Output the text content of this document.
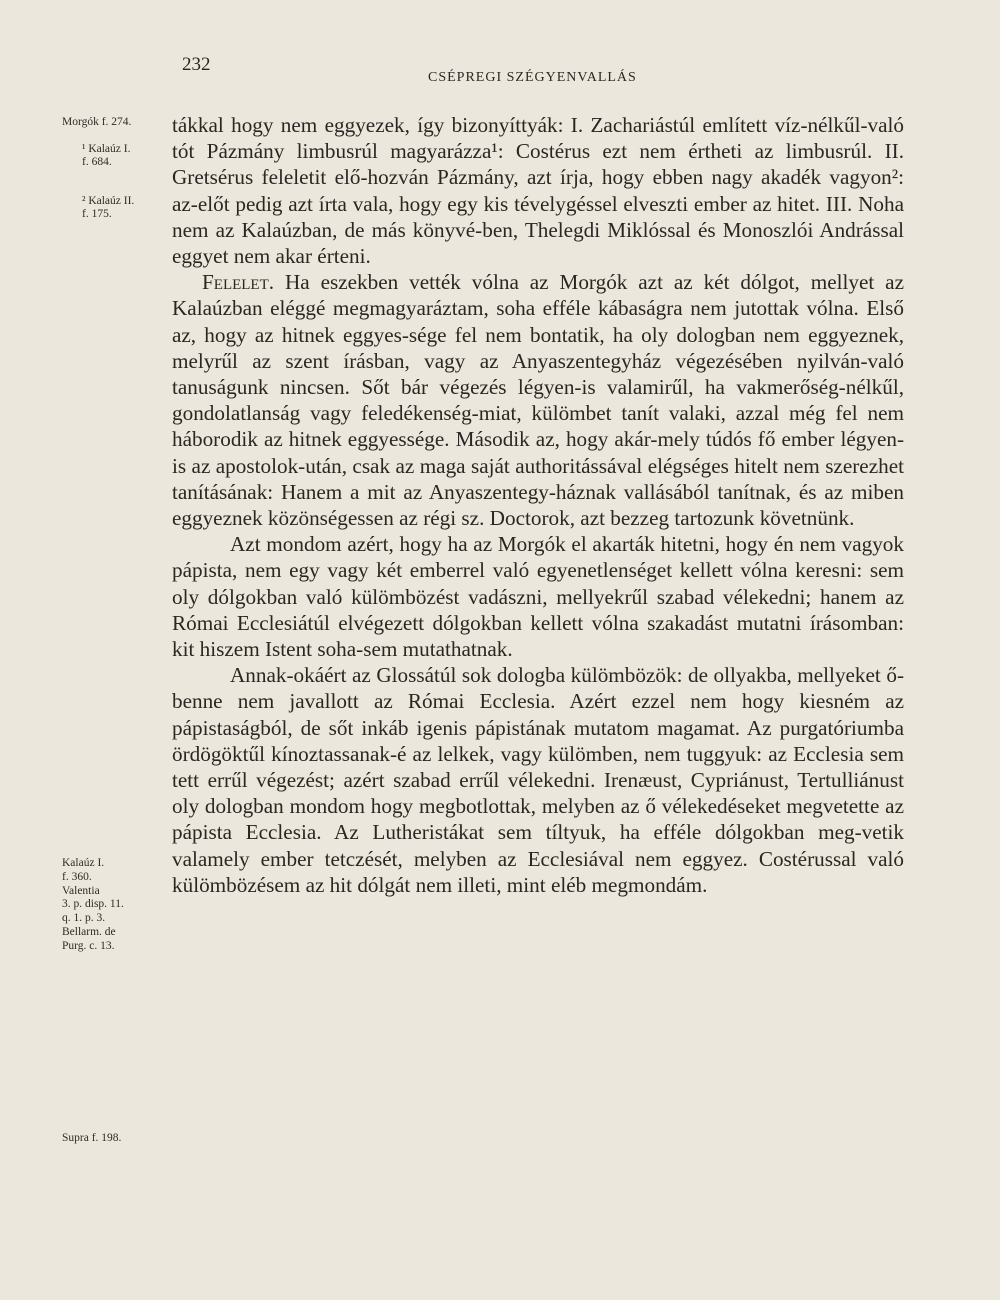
232
CSÉPREGI SZÉGYENVALLÁS
Morgók f. 274.
¹ Kalaúz I.
f. 684.
² Kalaúz II.
f. 175.
Kalaúz I.
f. 360.
Valentia
3. p. disp. 11.
q. 1. p. 3.
Bellarm. de
Purg. c. 13.
Supra f. 198.

tákkal hogy nem eggyezek, így bizonyíttyák: I. Zachariástúl említett víz-nélkűl-való tót Pázmány limbusrúl magyarázza¹: Costérus ezt nem értheti az limbusrúl. II. Gretsérus feleletit elő-hozván Pázmány, azt írja, hogy ebben nagy akadék vagyon²: az-előt pedig azt írta vala, hogy egy kis tévelygéssel elveszti ember az hitet. III. Noha nem az Kalaúzban, de más könyvé-ben, Thelegdi Miklóssal és Monoszlói Andrással eggyet nem akar érteni.

Felelet. Ha eszekben vették vólna az Morgók azt az két dólgot, mellyet az Kalaúzban eléggé megmagyaráztam, soha efféle kábaságra nem jutottak vólna. Első az, hogy az hitnek eggyes-sége fel nem bontatik, ha oly dologban nem eggyeznek, melyrűl az szent írásban, vagy az Anyaszentegyház végezésében nyilván-való tanuságunk nincsen. Sőt bár végezés légyen-is valamirűl, ha vakmerőség-nélkűl, gondolatlanság vagy feledékenség-miat, külömbet tanít valaki, azzal még fel nem háborodik az hitnek eggyessége. Második az, hogy akár-mely túdós fő ember légyen-is az apostolok-után, csak az maga saját authoritássával elégséges hitelt nem szerezhet tanításának: Hanem a mit az Anyaszentegy-háznak vallásából tanítnak, és az miben eggyeznek közönségessen az régi sz. Doctorok, azt bezzeg tartozunk követnünk.

Azt mondom azért, hogy ha az Morgók el akarták hitetni, hogy én nem vagyok pápista, nem egy vagy két emberrel való egyenetlenséget kellett vólna keresni: sem oly dólgokban való külömbözést vadászni, mellyekrűl szabad vélekedni; hanem az Római Ecclesiátúl elvégezett dólgokban kellett vólna szakadást mutatni írásomban: kit hiszem Istent soha-sem mutathatnak.

Annak-okáért az Glossátúl sok dologba külömbözök: de ollyakba, mellyeket ő-benne nem javallott az Római Ecclesia. Azért ezzel nem hogy kiesném az pápistaságból, de sőt inkáb igenis pápistának mutatom magamat. Az purgatóriumba ördögöktűl kínoztassanak-é az lelkek, vagy külömben, nem tuggyuk: az Ecclesia sem tett errűl végezést; azért szabad errűl vélekedni. Irenæust, Cypriánust, Tertulliánust oly dologban mondom hogy megbotlottak, melyben az ő vélekedéseket megvetette az pápista Ecclesia. Az Lutheristákat sem tíltyuk, ha efféle dólgokban meg-vetik valamely ember tetczését, melyben az Ecclesiával nem eggyez. Costérussal való külömbözésem az hit dólgát nem illeti, mint eléb megmondám.
